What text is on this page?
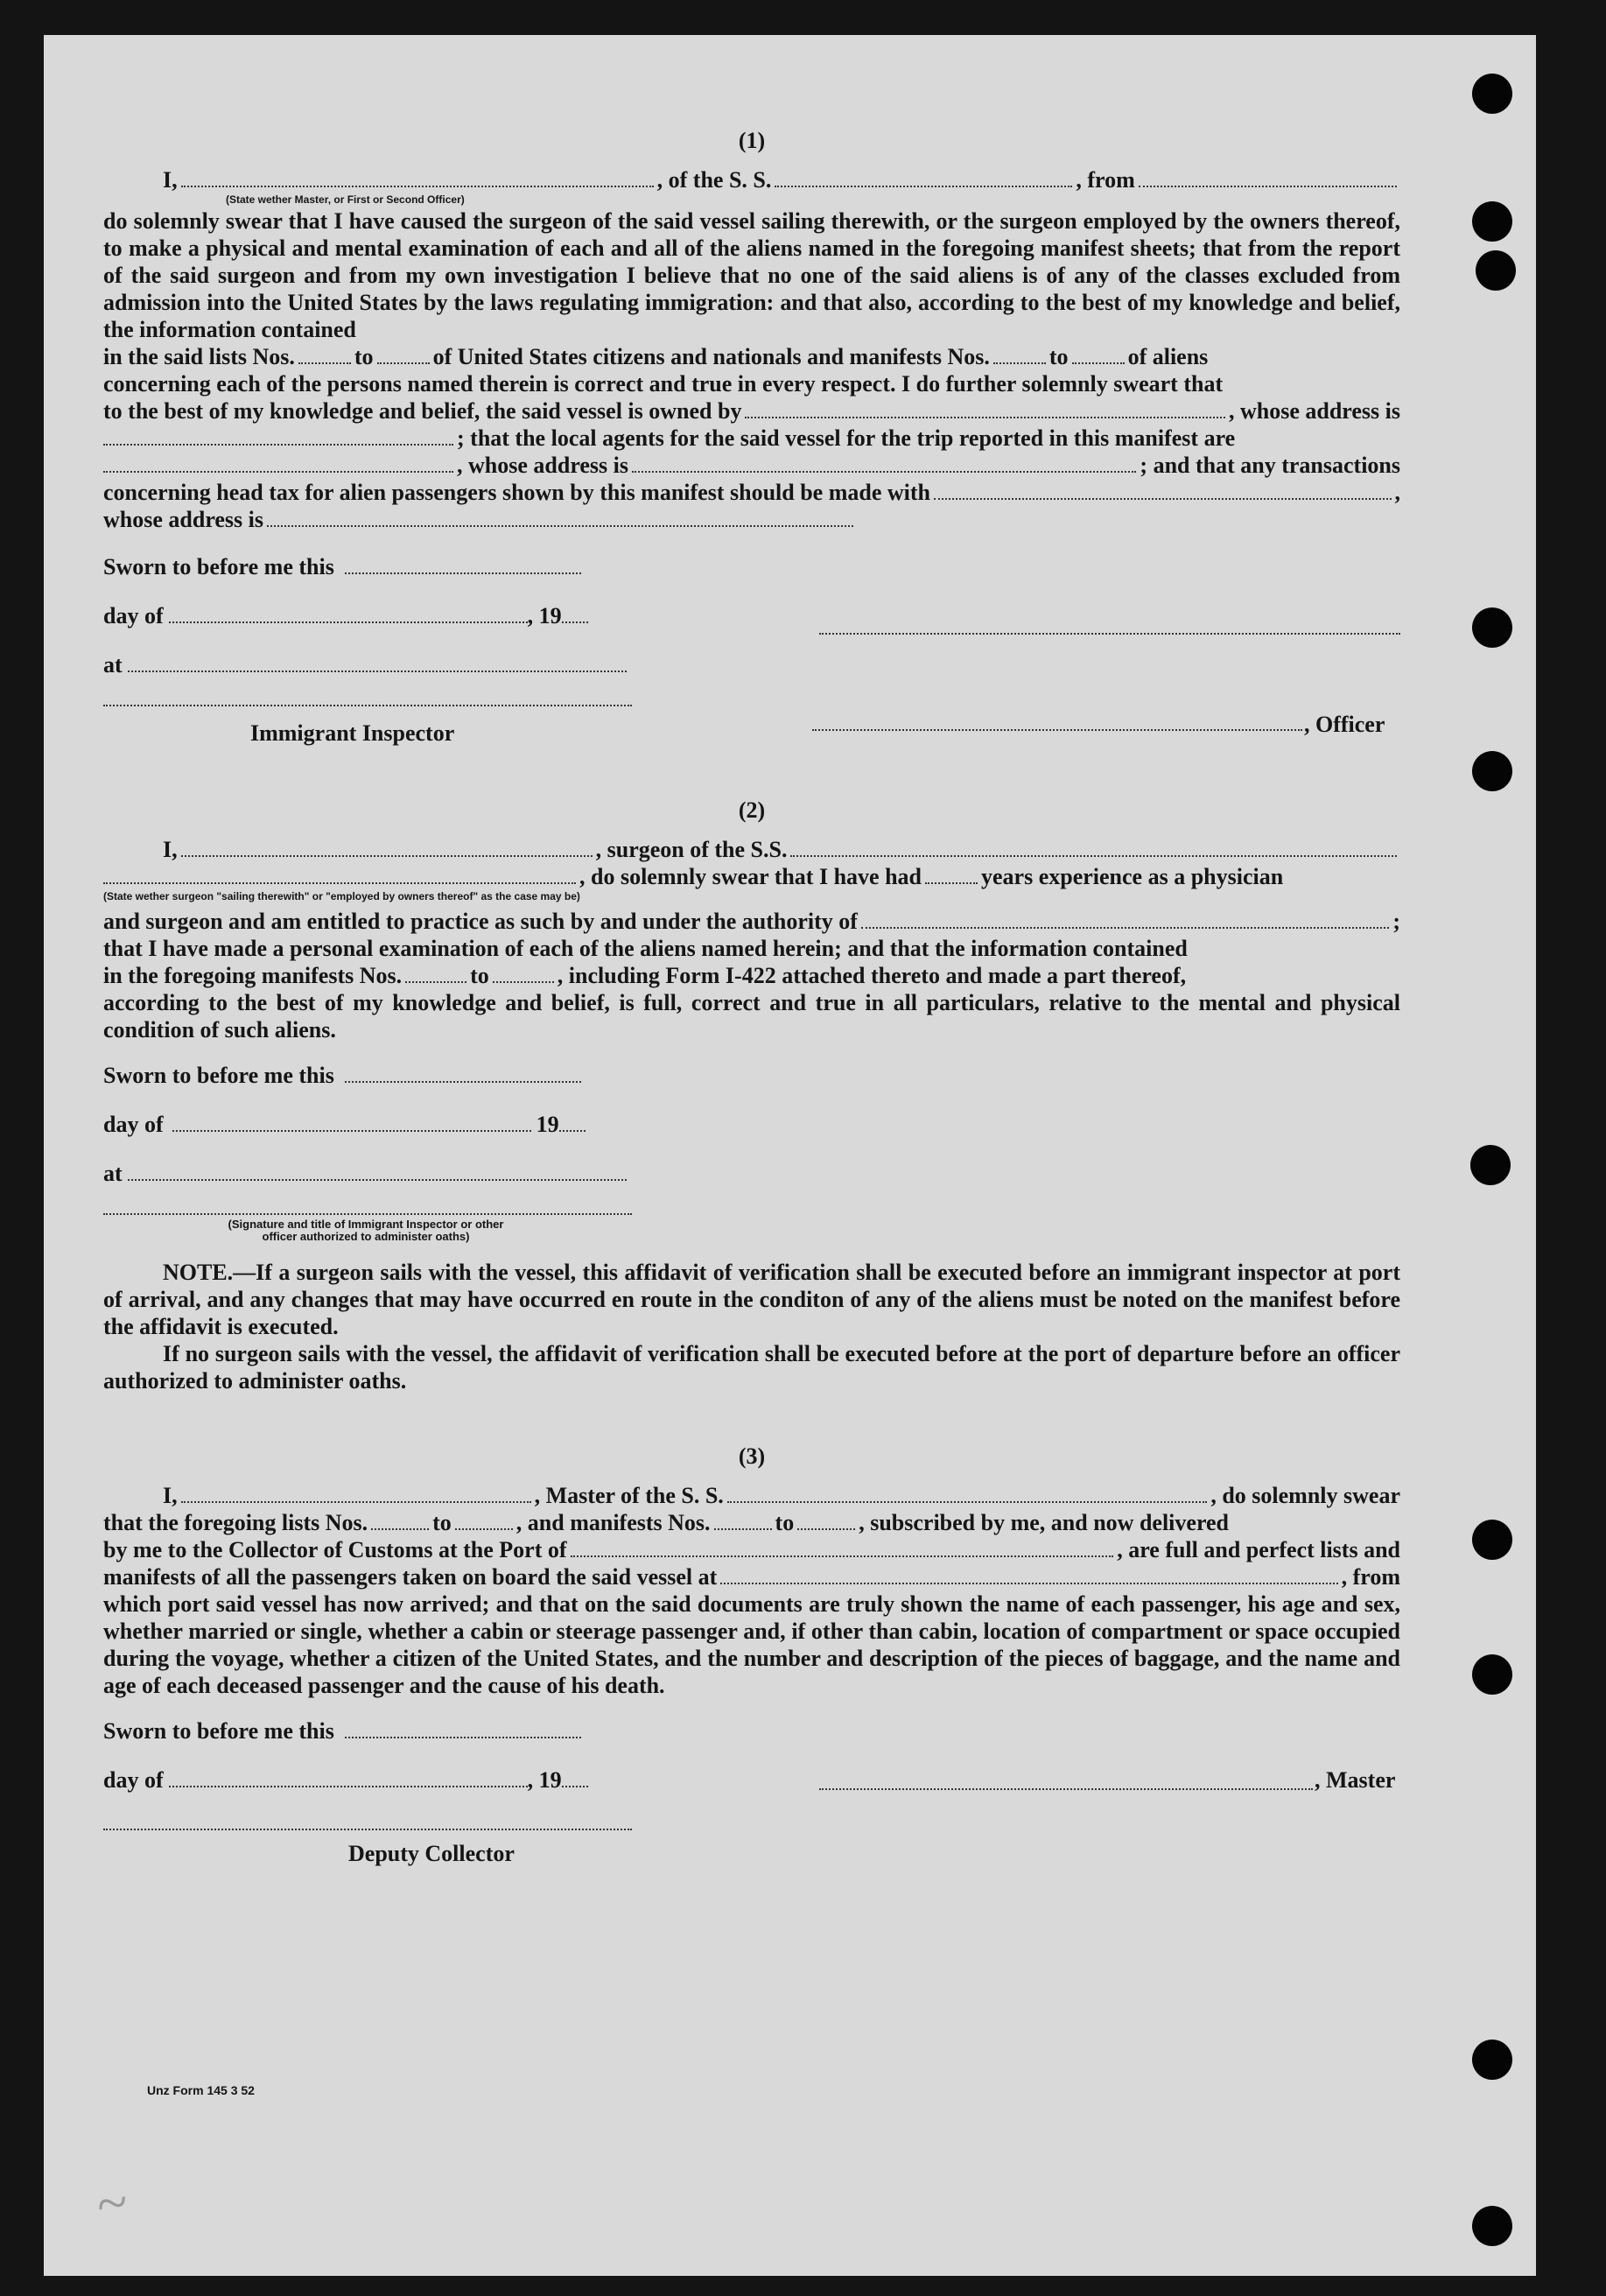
~
(1)
I,	, of the S. S.	, from
(State wether Master, or First or Second Officer)

do solemnly swear that I have caused the surgeon of the said vessel sailing therewith, or the surgeon employed by the owners thereof, to make a physical and mental examination of each and all of the aliens named in the foregoing manifest sheets; that from the report of the said surgeon and from my own investigation I believe that no one of the said aliens is of any of the classes excluded from admission into the United States by the laws regulating immigration: and that also, according to the best of my knowledge and belief, the information contained

in the said lists Nos.	to	of United States citizens and nationals and manifests Nos.	to	of aliens

concerning each of the persons named therein is correct and true in every respect. I do further solemnly sweart that

to the best of my knowledge and belief, the said vessel is owned by	, whose address is
; that the local agents for the said vessel for the trip reported in this manifest are
, whose address is	; and that any transactions
concerning head tax for alien passengers shown by this manifest should be made with	,
whose address is
Sworn to before me this
day of	, 19
at
Immigrant Inspector	, Officer
(2)
I,	, surgeon of the S.S.
, do solemnly swear that I have had	years experience as a physician
(State wether surgeon "sailing therewith" or "employed by owners thereof" as the case may be)
and surgeon and am entitled to practice as such by and under the authority of	;

that I have made a personal examination of each of the aliens named herein; and that the information contained

in the foregoing manifests Nos.	to	, including Form I-422 attached thereto and made a part thereof,

according to the best of my knowledge and belief, is full, correct and true in all particulars, relative to the mental and physical condition of such aliens.

Sworn to before me this
day of	19
at
(Signature and title of Immigrant Inspector or other
officer authorized to administer oaths)

NOTE.—If a surgeon sails with the vessel, this affidavit of verification shall be executed before an immigrant inspector at port of arrival, and any changes that may have occurred en route in the conditon of any of the aliens must be noted on the manifest before the affidavit is executed.

If no surgeon sails with the vessel, the affidavit of verification shall be executed before at the port of departure before an officer authorized to administer oaths.

(3)
I,	, Master of the S. S.	, do solemnly swear
that the foregoing lists Nos.	to	, and manifests Nos.	to	, subscribed by me, and now delivered
by me to the Collector of Customs at the Port of	, are full and perfect lists and
manifests of all the passengers taken on board the said vessel at	, from

which port said vessel has now arrived; and that on the said documents are truly shown the name of each passenger, his age and sex, whether married or single, whether a cabin or steerage passenger and, if other than cabin, location of compartment or space occupied during the voyage, whether a citizen of the United States, and the number and description of the pieces of baggage, and the name and age of each deceased passenger and the cause of his death.

Sworn to before me this
day of	, 19	, Master
Deputy Collector
Unz Form 145 3 52
